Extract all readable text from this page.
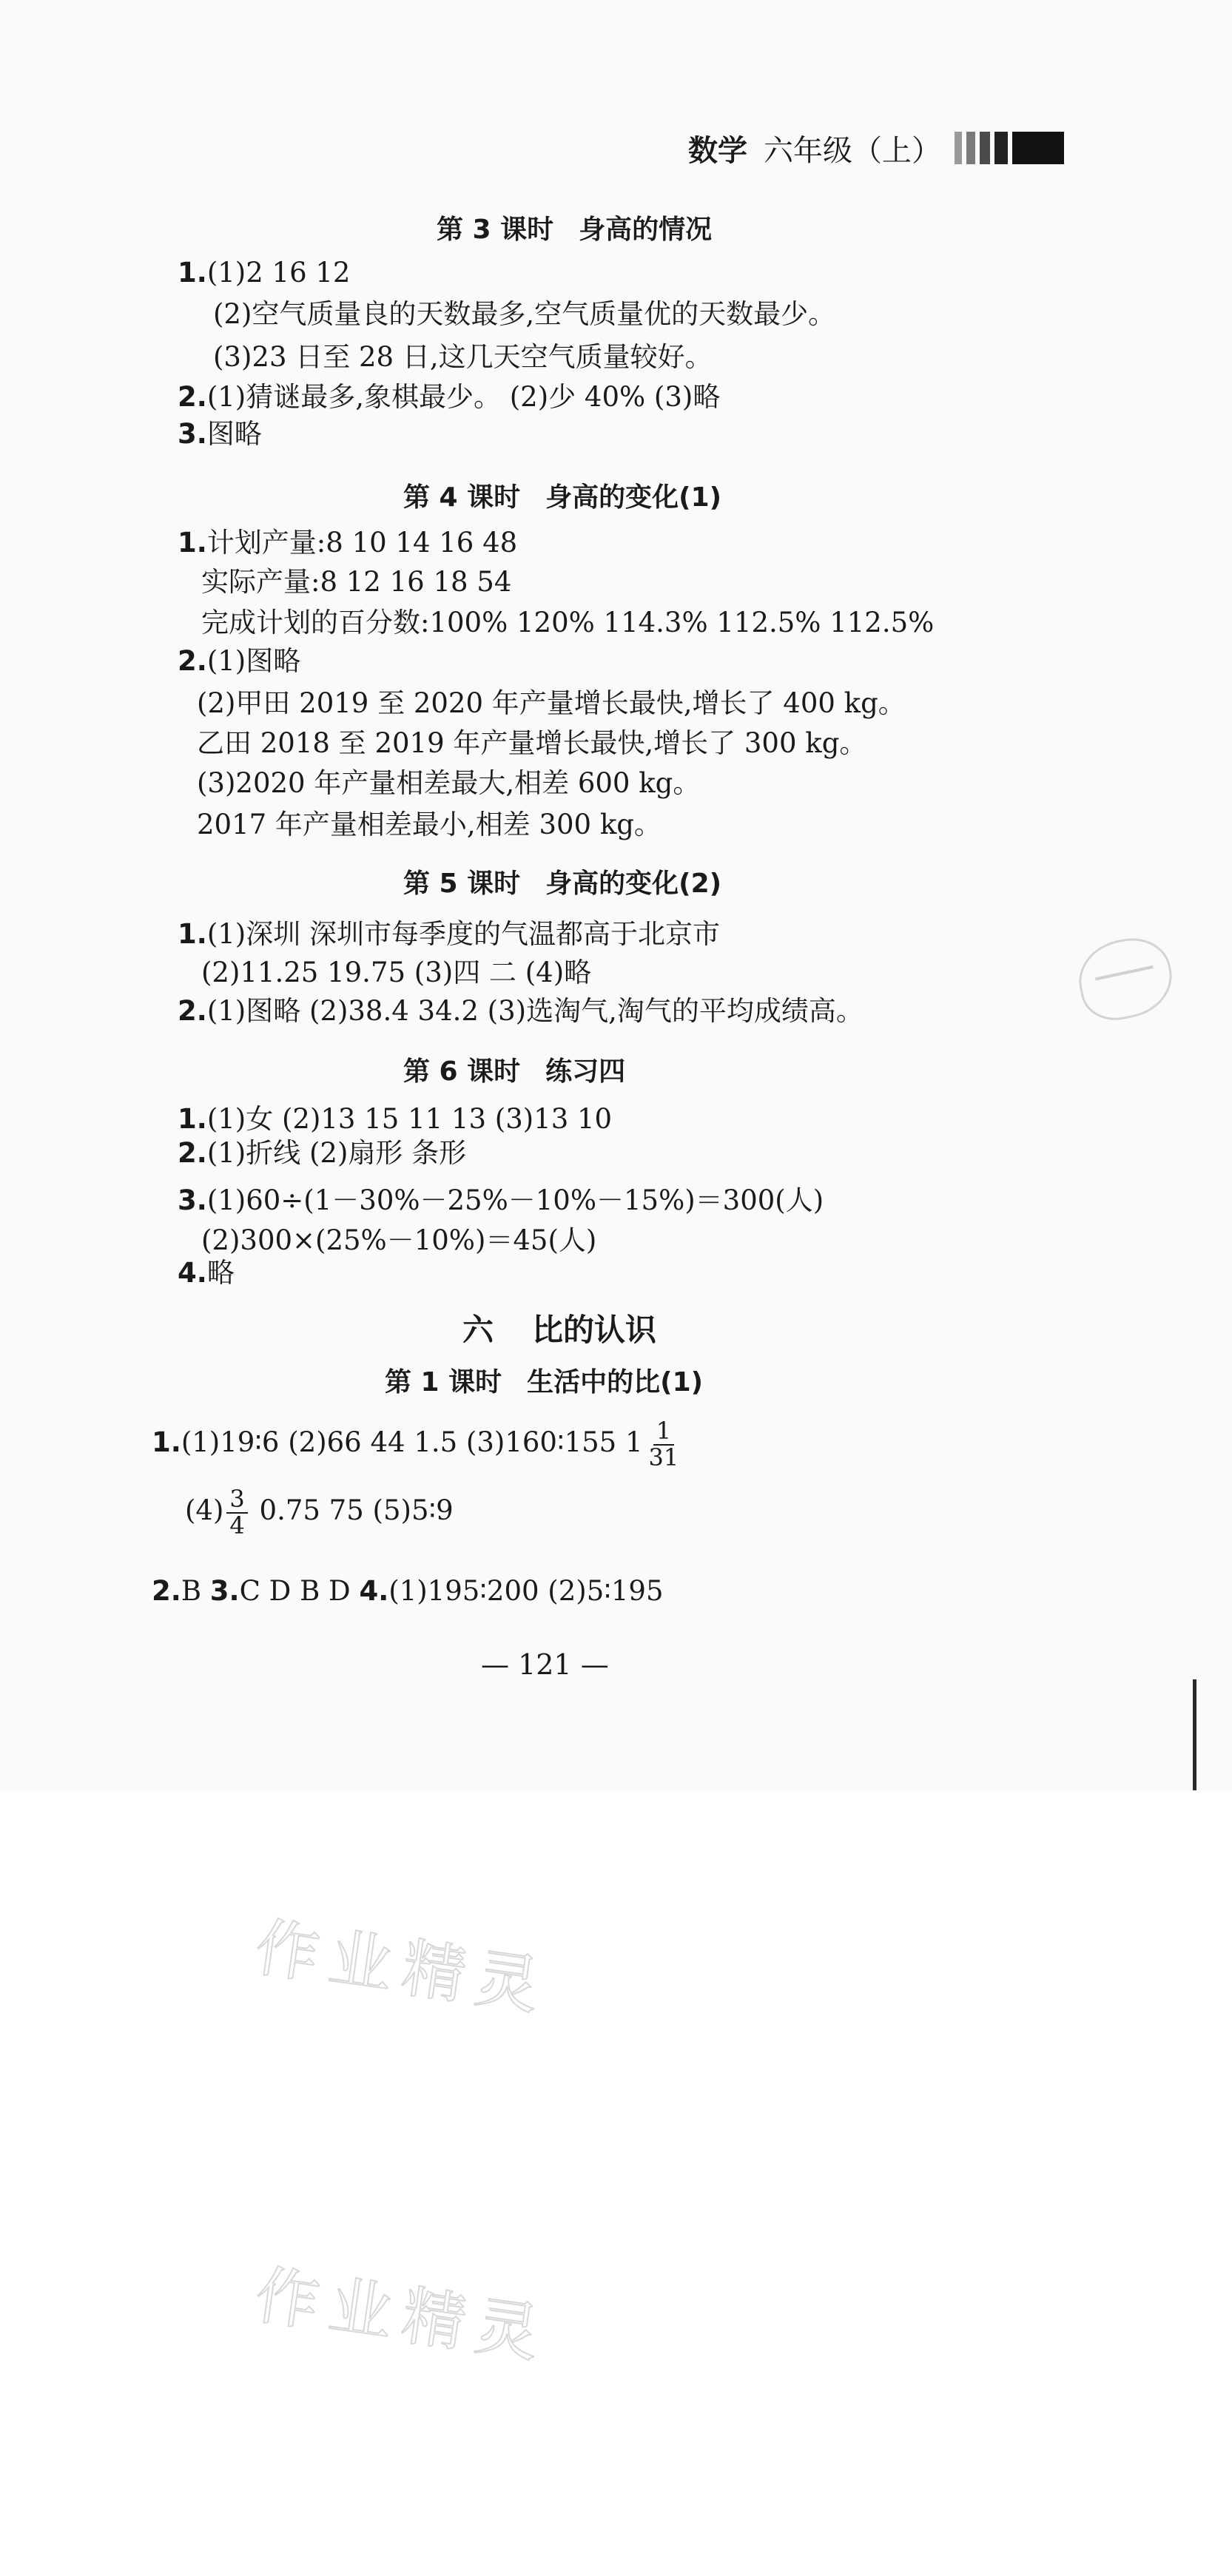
数学 六年级（上）
第 3 课时 身高的情况
1.(1)2 16 12
(2)空气质量良的天数最多,空气质量优的天数最少。
(3)23 日至 28 日,这几天空气质量较好。
2.(1)猜谜最多,象棋最少。 (2)少 40% (3)略
3.图略
第 4 课时 身高的变化(1)
1.计划产量:8 10 14 16 48
实际产量:8 12 16 18 54
完成计划的百分数:100% 120% 114.3% 112.5% 112.5%
2.(1)图略
(2)甲田 2019 至 2020 年产量增长最快,增长了 400 kg。
乙田 2018 至 2019 年产量增长最快,增长了 300 kg。
(3)2020 年产量相差最大,相差 600 kg。
2017 年产量相差最小,相差 300 kg。
第 5 课时 身高的变化(2)
1.(1)深圳 深圳市每季度的气温都高于北京市
(2)11.25 19.75 (3)四 二 (4)略
2.(1)图略 (2)38.4 34.2 (3)选淘气,淘气的平均成绩高。
第 6 课时 练习四
1.(1)女 (2)13 15 11 13 (3)13 10
2.(1)折线 (2)扇形 条形
3.(1)60÷(1－30%－25%－10%－15%)＝300(人)
(2)300×(25%－10%)＝45(人)
4.略
六 比的认识
第 1 课时 生活中的比(1)
1.(1)19∶6 (2)66 44 1.5 (3)160∶155 $1 \frac{1}{31}$
$(4) \frac{3}{4} 0.75$ 75 (5)5∶9
2.B 3.C D B D 4.(1)195∶200 (2)5∶195
— 121 —
作业精灵
作业精灵
